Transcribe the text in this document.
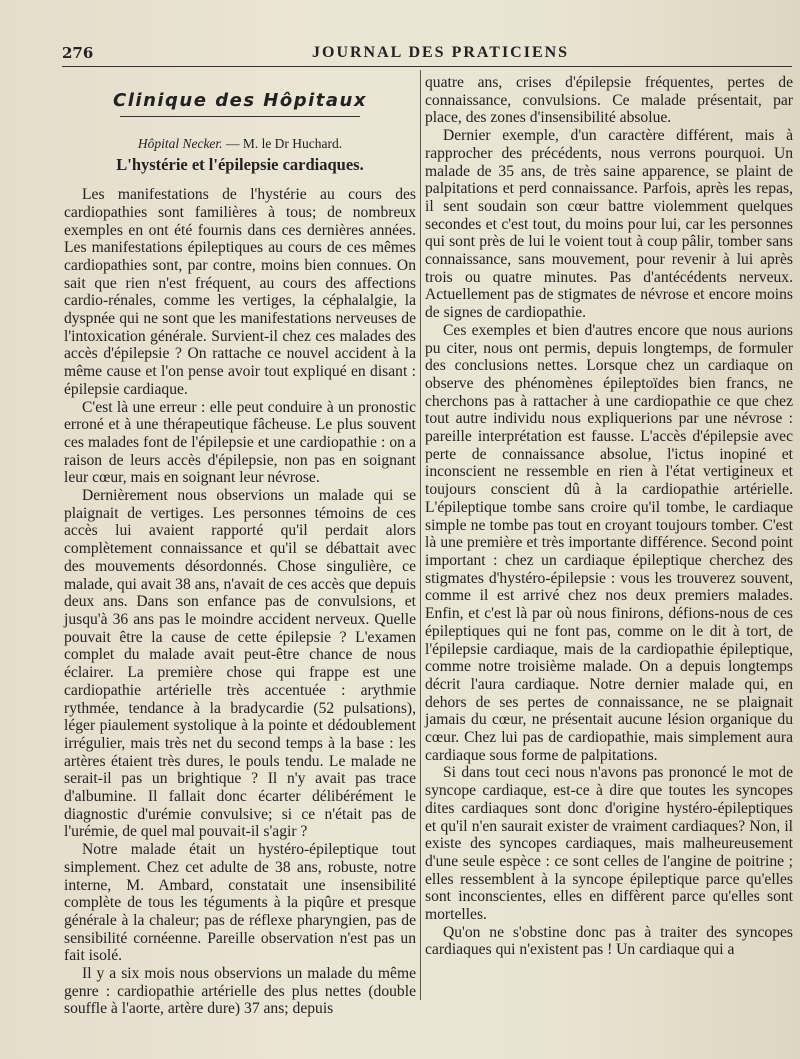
276	JOURNAL DES PRATICIENS
Clinique des Hôpitaux
Hôpital Necker. — M. le Dr Huchard.
L'hystérie et l'épilepsie cardiaques.

Les manifestations de l'hystérie au cours des cardiopathies sont familières à tous; de nombreux exemples en ont été fournis dans ces dernières années. Les manifestations épileptiques au cours de ces mêmes cardiopathies sont, par contre, moins bien connues. On sait que rien n'est fréquent, au cours des affections cardio-rénales, comme les vertiges, la céphalalgie, la dyspnée qui ne sont que les manifestations nerveuses de l'intoxication générale. Survient-il chez ces malades des accès d'épilepsie ? On rattache ce nouvel accident à la même cause et l'on pense avoir tout expliqué en disant : épilepsie cardiaque.

C'est là une erreur : elle peut conduire à un pronostic erroné et à une thérapeutique fâcheuse. Le plus souvent ces malades font de l'épilepsie et une cardiopathie : on a raison de leurs accès d'épilepsie, non pas en soignant leur cœur, mais en soignant leur névrose.

Dernièrement nous observions un malade qui se plaignait de vertiges. Les personnes témoins de ces accès lui avaient rapporté qu'il perdait alors complètement connaissance et qu'il se débattait avec des mouvements désordonnés. Chose singulière, ce malade, qui avait 38 ans, n'avait de ces accès que depuis deux ans. Dans son enfance pas de convulsions, et jusqu'à 36 ans pas le moindre accident nerveux. Quelle pouvait être la cause de cette épilepsie ? L'examen complet du malade avait peut-être chance de nous éclairer. La première chose qui frappe est une cardiopathie artérielle très accentuée : arythmie rythmée, tendance à la bradycardie (52 pulsations), léger piaulement systolique à la pointe et dédoublement irrégulier, mais très net du second temps à la base : les artères étaient très dures, le pouls tendu. Le malade ne serait-il pas un brightique ? Il n'y avait pas trace d'albumine. Il fallait donc écarter délibérément le diagnostic d'urémie convulsive; si ce n'était pas de l'urémie, de quel mal pouvait-il s'agir ?

Notre malade était un hystéro-épileptique tout simplement. Chez cet adulte de 38 ans, robuste, notre interne, M. Ambard, constatait une insensibilité complète de tous les téguments à la piqûre et presque générale à la chaleur; pas de réflexe pharyngien, pas de sensibilité cornéenne. Pareille observation n'est pas un fait isolé.

Il y a six mois nous observions un malade du même genre : cardiopathie artérielle des plus nettes (double souffle à l'aorte, artère dure) 37 ans; depuis

quatre ans, crises d'épilepsie fréquentes, pertes de connaissance, convulsions. Ce malade présentait, par place, des zones d'insensibilité absolue.

Dernier exemple, d'un caractère différent, mais à rapprocher des précédents, nous verrons pourquoi. Un malade de 35 ans, de très saine apparence, se plaint de palpitations et perd connaissance. Parfois, après les repas, il sent soudain son cœur battre violemment quelques secondes et c'est tout, du moins pour lui, car les personnes qui sont près de lui le voient tout à coup pâlir, tomber sans connaissance, sans mouvement, pour revenir à lui après trois ou quatre minutes. Pas d'antécédents nerveux. Actuellement pas de stigmates de névrose et encore moins de signes de cardiopathie.

Ces exemples et bien d'autres encore que nous aurions pu citer, nous ont permis, depuis longtemps, de formuler des conclusions nettes. Lorsque chez un cardiaque on observe des phénomènes épileptoïdes bien francs, ne cherchons pas à rattacher à une cardiopathie ce que chez tout autre individu nous expliquerions par une névrose : pareille interprétation est fausse. L'accès d'épilepsie avec perte de connaissance absolue, l'ictus inopiné et inconscient ne ressemble en rien à l'état vertigineux et toujours conscient dû à la cardiopathie artérielle. L'épileptique tombe sans croire qu'il tombe, le cardiaque simple ne tombe pas tout en croyant toujours tomber. C'est là une première et très importante différence. Second point important : chez un cardiaque épileptique cherchez des stigmates d'hystéro-épilepsie : vous les trouverez souvent, comme il est arrivé chez nos deux premiers malades. Enfin, et c'est là par où nous finirons, défions-nous de ces épileptiques qui ne font pas, comme on le dit à tort, de l'épilepsie cardiaque, mais de la cardiopathie épileptique, comme notre troisième malade. On a depuis longtemps décrit l'aura cardiaque. Notre dernier malade qui, en dehors de ses pertes de connaissance, ne se plaignait jamais du cœur, ne présentait aucune lésion organique du cœur. Chez lui pas de cardiopathie, mais simplement aura cardiaque sous forme de palpitations.

Si dans tout ceci nous n'avons pas prononcé le mot de syncope cardiaque, est-ce à dire que toutes les syncopes dites cardiaques sont donc d'origine hystéro-épileptiques et qu'il n'en saurait exister de vraiment cardiaques? Non, il existe des syncopes cardiaques, mais malheureusement d'une seule espèce : ce sont celles de l'angine de poitrine ; elles ressemblent à la syncope épileptique parce qu'elles sont inconscientes, elles en diffèrent parce qu'elles sont mortelles.

Qu'on ne s'obstine donc pas à traiter des syncopes cardiaques qui n'existent pas ! Un cardiaque qui a
